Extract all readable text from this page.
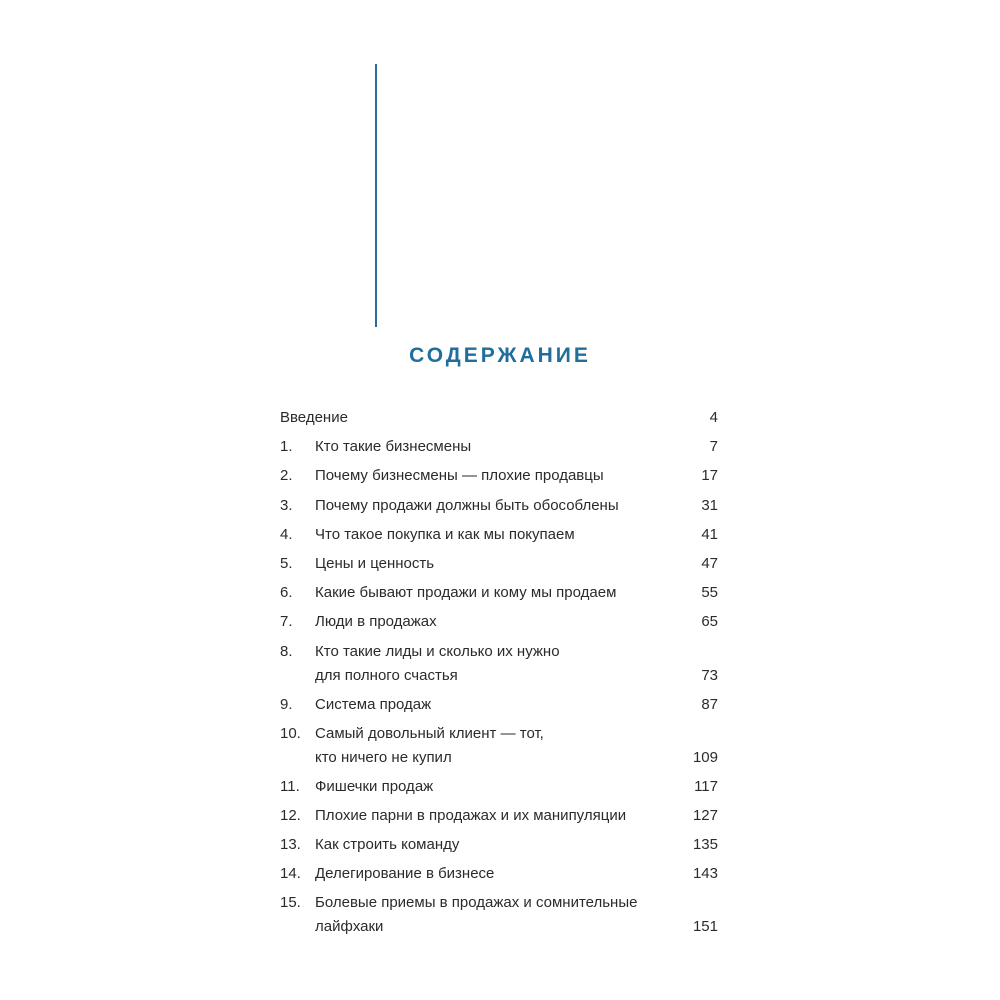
СОДЕРЖАНИЕ
Введение	4
1. Кто такие бизнесмены	7
2. Почему бизнесмены — плохие продавцы	17
3. Почему продажи должны быть обособлены	31
4. Что такое покупка и как мы покупаем	41
5. Цены и ценность	47
6. Какие бывают продажи и кому мы продаем	55
7. Люди в продажах	65
8. Кто такие лиды и сколько их нужно
для полного счастья	73
9. Система продаж	87
10. Самый довольный клиент — тот,
кто ничего не купил	109
11. Фишечки продаж	117
12. Плохие парни в продажах и их манипуляции	127
13. Как строить команду	135
14. Делегирование в бизнесе	143
15. Болевые приемы в продажах и сомнительные
лайфхаки	151
